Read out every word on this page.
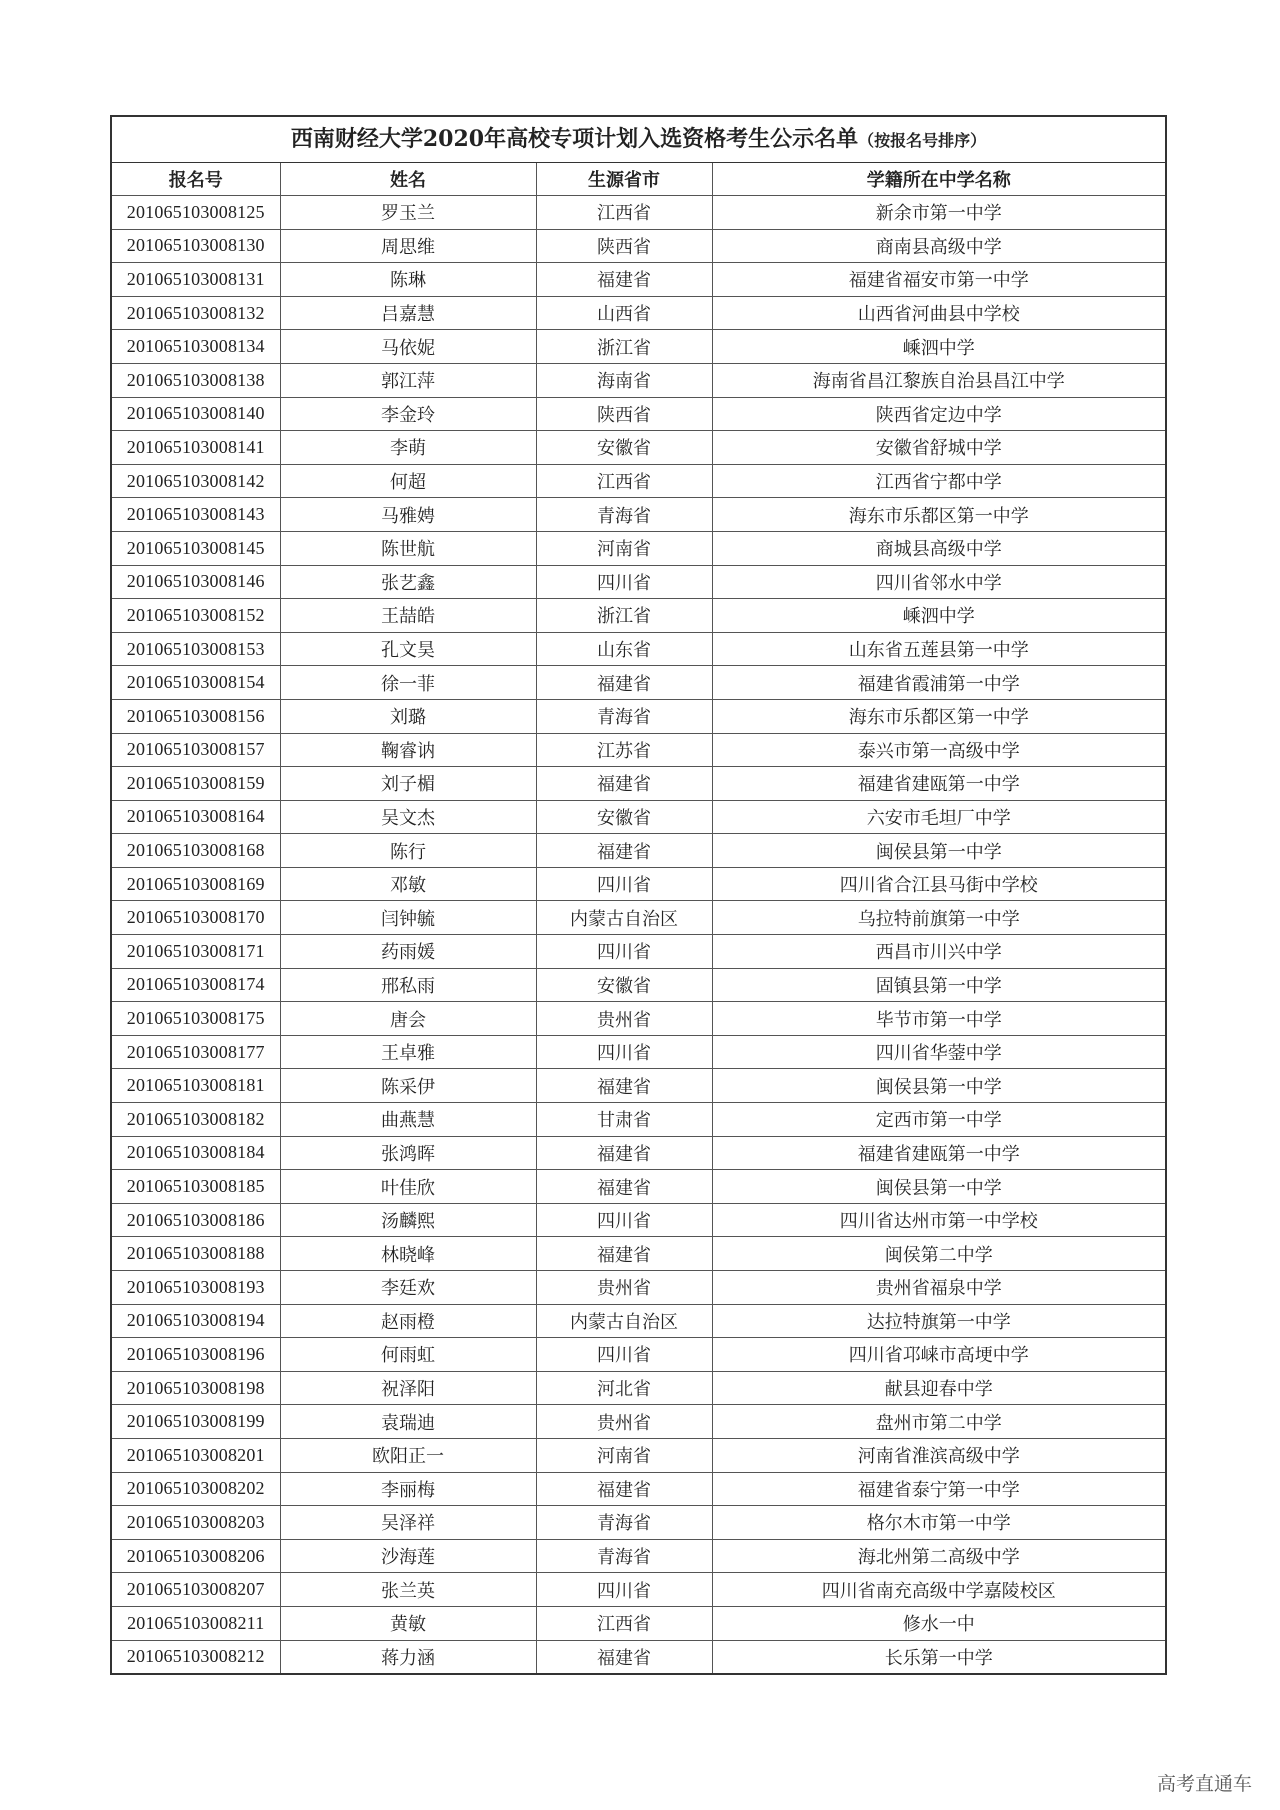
西南财经大学2020年高校专项计划入选资格考生公示名单（按报名号排序）
报名号	姓名	生源省市	学籍所在中学名称
201065103008125	罗玉兰	江西省	新余市第一中学
201065103008130	周思维	陕西省	商南县高级中学
201065103008131	陈琳	福建省	福建省福安市第一中学
201065103008132	吕嘉慧	山西省	山西省河曲县中学校
201065103008134	马依妮	浙江省	嵊泗中学
201065103008138	郭江萍	海南省	海南省昌江黎族自治县昌江中学
201065103008140	李金玲	陕西省	陕西省定边中学
201065103008141	李萌	安徽省	安徽省舒城中学
201065103008142	何超	江西省	江西省宁都中学
201065103008143	马雅娉	青海省	海东市乐都区第一中学
201065103008145	陈世航	河南省	商城县高级中学
201065103008146	张艺鑫	四川省	四川省邻水中学
201065103008152	王喆皓	浙江省	嵊泗中学
201065103008153	孔文昊	山东省	山东省五莲县第一中学
201065103008154	徐一菲	福建省	福建省霞浦第一中学
201065103008156	刘璐	青海省	海东市乐都区第一中学
201065103008157	鞠睿讷	江苏省	泰兴市第一高级中学
201065103008159	刘子楣	福建省	福建省建瓯第一中学
201065103008164	吴文杰	安徽省	六安市毛坦厂中学
201065103008168	陈行	福建省	闽侯县第一中学
201065103008169	邓敏	四川省	四川省合江县马街中学校
201065103008170	闫钟毓	内蒙古自治区	乌拉特前旗第一中学
201065103008171	药雨媛	四川省	西昌市川兴中学
201065103008174	邢私雨	安徽省	固镇县第一中学
201065103008175	唐会	贵州省	毕节市第一中学
201065103008177	王卓雅	四川省	四川省华蓥中学
201065103008181	陈采伊	福建省	闽侯县第一中学
201065103008182	曲燕慧	甘肃省	定西市第一中学
201065103008184	张鸿晖	福建省	福建省建瓯第一中学
201065103008185	叶佳欣	福建省	闽侯县第一中学
201065103008186	汤麟熙	四川省	四川省达州市第一中学校
201065103008188	林晓峰	福建省	闽侯第二中学
201065103008193	李廷欢	贵州省	贵州省福泉中学
201065103008194	赵雨橙	内蒙古自治区	达拉特旗第一中学
201065103008196	何雨虹	四川省	四川省邛崃市高埂中学
201065103008198	祝泽阳	河北省	献县迎春中学
201065103008199	袁瑞迪	贵州省	盘州市第二中学
201065103008201	欧阳正一	河南省	河南省淮滨高级中学
201065103008202	李丽梅	福建省	福建省泰宁第一中学
201065103008203	吴泽祥	青海省	格尔木市第一中学
201065103008206	沙海莲	青海省	海北州第二高级中学
201065103008207	张兰英	四川省	四川省南充高级中学嘉陵校区
201065103008211	黄敏	江西省	修水一中
201065103008212	蒋力涵	福建省	长乐第一中学
高考直通车
